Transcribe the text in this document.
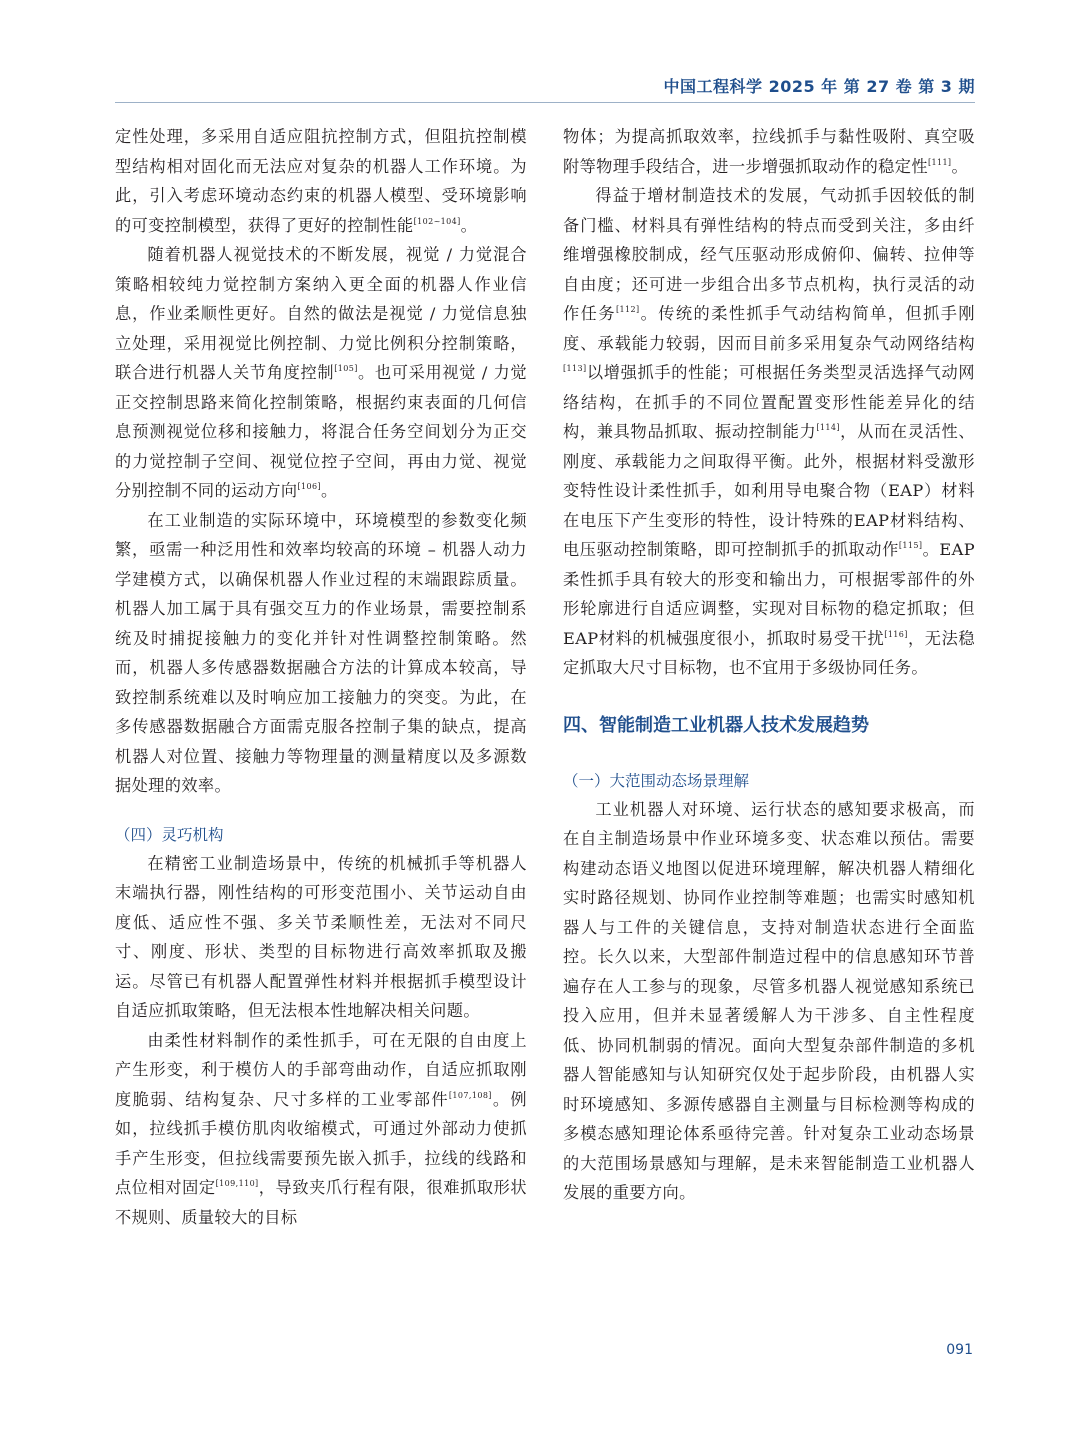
中国工程科学 2025 年 第 27 卷 第 3 期

定性处理，多采用自适应阻抗控制方式，但阻抗控制模型结构相对固化而无法应对复杂的机器人工作环境。为此，引入考虑环境动态约束的机器人模型、受环境影响的可变控制模型，获得了更好的控制性能[102~104]。

随着机器人视觉技术的不断发展，视觉 / 力觉混合策略相较纯力觉控制方案纳入更全面的机器人作业信息，作业柔顺性更好。自然的做法是视觉 / 力觉信息独立处理，采用视觉比例控制、力觉比例积分控制策略，联合进行机器人关节角度控制[105]。也可采用视觉 / 力觉正交控制思路来简化控制策略，根据约束表面的几何信息预测视觉位移和接触力，将混合任务空间划分为正交的力觉控制子空间、视觉位控子空间，再由力觉、视觉分别控制不同的运动方向[106]。

在工业制造的实际环境中，环境模型的参数变化频繁，亟需一种泛用性和效率均较高的环境 – 机器人动力学建模方式，以确保机器人作业过程的末端跟踪质量。机器人加工属于具有强交互力的作业场景，需要控制系统及时捕捉接触力的变化并针对性调整控制策略。然而，机器人多传感器数据融合方法的计算成本较高，导致控制系统难以及时响应加工接触力的突变。为此，在多传感器数据融合方面需克服各控制子集的缺点，提高机器人对位置、接触力等物理量的测量精度以及多源数据处理的效率。

（四）灵巧机构

在精密工业制造场景中，传统的机械抓手等机器人末端执行器，刚性结构的可形变范围小、关节运动自由度低、适应性不强、多关节柔顺性差，无法对不同尺寸、刚度、形状、类型的目标物进行高效率抓取及搬运。尽管已有机器人配置弹性材料并根据抓手模型设计自适应抓取策略，但无法根本性地解决相关问题。

由柔性材料制作的柔性抓手，可在无限的自由度上产生形变，利于模仿人的手部弯曲动作，自适应抓取刚度脆弱、结构复杂、尺寸多样的工业零部件[107,108]。例如，拉线抓手模仿肌肉收缩模式，可通过外部动力使抓手产生形变，但拉线需要预先嵌入抓手，拉线的线路和点位相对固定[109,110]，导致夹爪行程有限，很难抓取形状不规则、质量较大的目标

物体；为提高抓取效率，拉线抓手与黏性吸附、真空吸附等物理手段结合，进一步增强抓取动作的稳定性[111]。

得益于增材制造技术的发展，气动抓手因较低的制备门槛、材料具有弹性结构的特点而受到关注，多由纤维增强橡胶制成，经气压驱动形成俯仰、偏转、拉伸等自由度；还可进一步组合出多节点机构，执行灵活的动作任务[112]。传统的柔性抓手气动结构简单，但抓手刚度、承载能力较弱，因而目前多采用复杂气动网络结构[113]以增强抓手的性能；可根据任务类型灵活选择气动网络结构，在抓手的不同位置配置变形性能差异化的结构，兼具物品抓取、振动控制能力[114]，从而在灵活性、刚度、承载能力之间取得平衡。此外，根据材料受激形变特性设计柔性抓手，如利用导电聚合物（EAP）材料在电压下产生变形的特性，设计特殊的EAP材料结构、电压驱动控制策略，即可控制抓手的抓取动作[115]。EAP柔性抓手具有较大的形变和输出力，可根据零部件的外形轮廓进行自适应调整，实现对目标物的稳定抓取；但EAP材料的机械强度很小，抓取时易受干扰[116]，无法稳定抓取大尺寸目标物，也不宜用于多级协同任务。

四、智能制造工业机器人技术发展趋势
（一）大范围动态场景理解

工业机器人对环境、运行状态的感知要求极高，而在自主制造场景中作业环境多变、状态难以预估。需要构建动态语义地图以促进环境理解，解决机器人精细化实时路径规划、协同作业控制等难题；也需实时感知机器人与工件的关键信息，支持对制造状态进行全面监控。长久以来，大型部件制造过程中的信息感知环节普遍存在人工参与的现象，尽管多机器人视觉感知系统已投入应用，但并未显著缓解人为干涉多、自主性程度低、协同机制弱的情况。面向大型复杂部件制造的多机器人智能感知与认知研究仅处于起步阶段，由机器人实时环境感知、多源传感器自主测量与目标检测等构成的多模态感知理论体系亟待完善。针对复杂工业动态场景的大范围场景感知与理解，是未来智能制造工业机器人发展的重要方向。

091
